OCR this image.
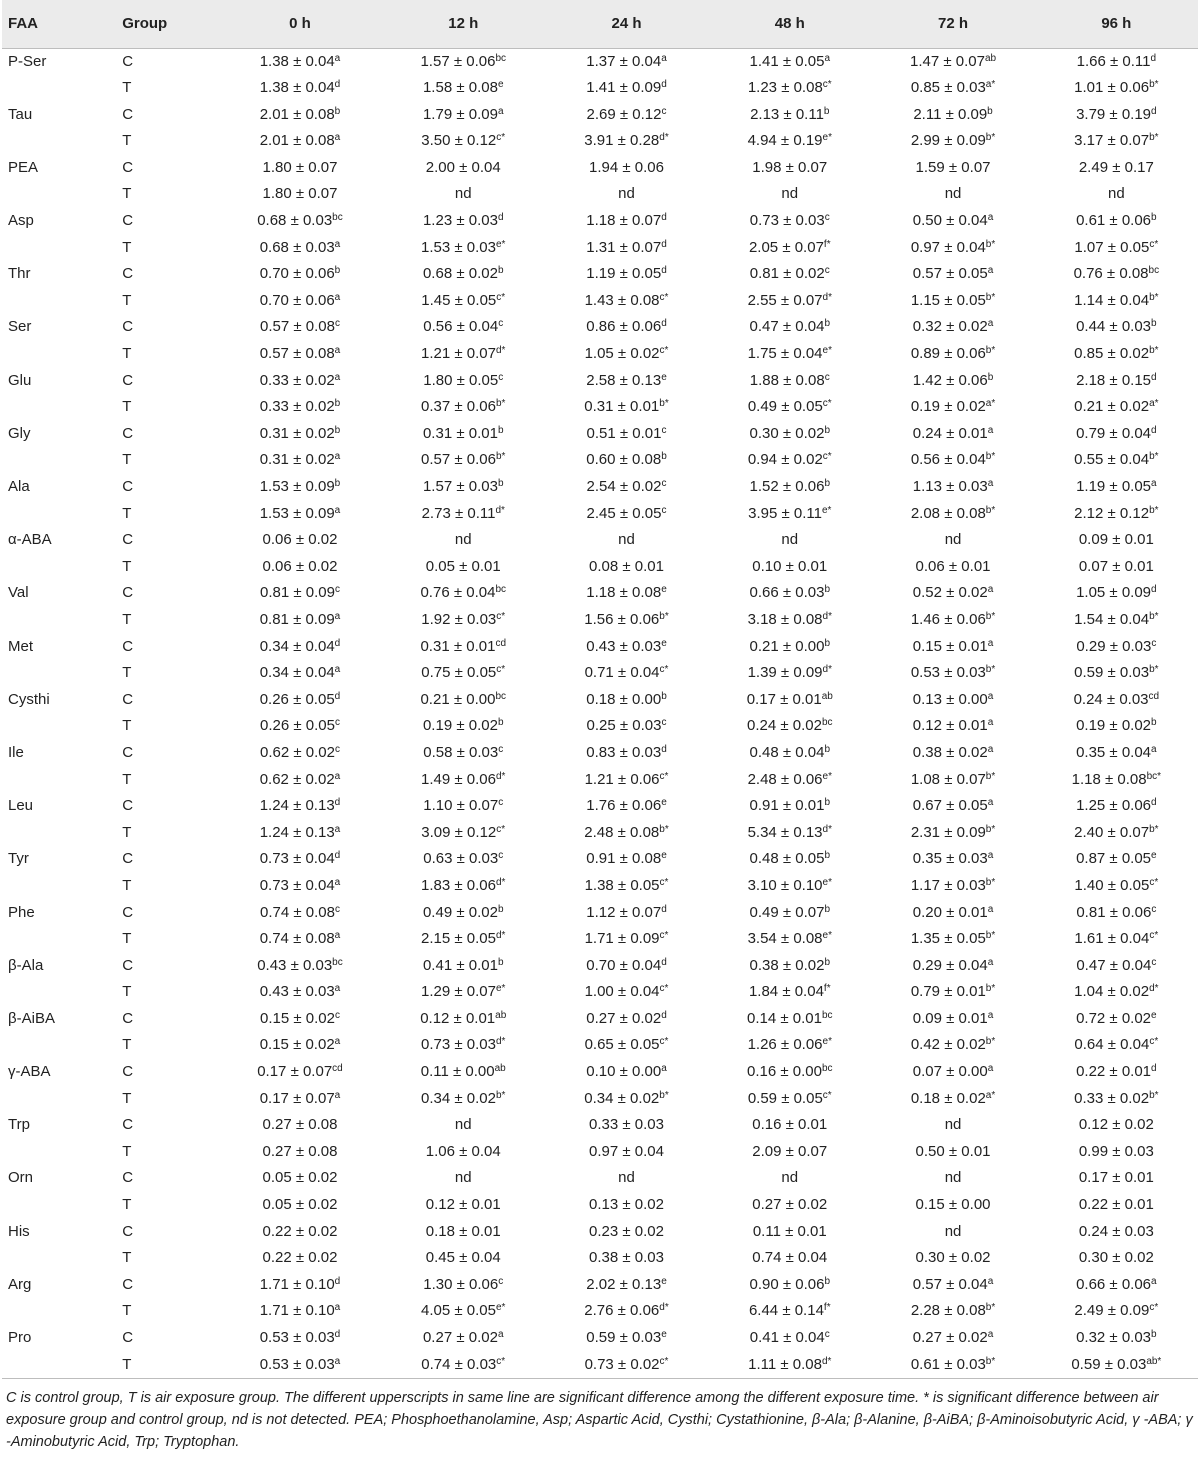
FAA	Group	0 h	12 h	24 h	48 h	72 h	96 h
P-Ser	C	1.38 ± 0.04$^a$	1.57 ± 0.06$^{bc}$	1.37 ± 0.04$^a$	1.41 ± 0.05$^a$	1.47 ± 0.07$^{ab}$	1.66 ± 0.11$^d$
	T	1.38 ± 0.04$^d$	1.58 ± 0.08$^e$	1.41 ± 0.09$^d$	$1.23 \pm 0.08^{c*}$	$0.85 \pm 0.03^{a*}$	$1.01 \pm 0.06^{b*}$
Tau	C	2.01 ± 0.08$^b$	1.79 ± 0.09$^a$	2.69 ± 0.12$^c$	2.13 ± 0.11$^b$	2.11 ± 0.09$^b$	3.79 ± 0.19$^d$
	T	2.01 ± 0.08$^a$	$3.50 \pm 0.12^{c*}$	$3.91 \pm 0.28^{d*}$	$4.94 \pm 0.19^{e*}$	$2.99 \pm 0.09^{b*}$	$3.17 \pm 0.07^{b*}$
PEA	C	1.80 ± 0.07	2.00 ± 0.04	1.94 ± 0.06	1.98 ± 0.07	1.59 ± 0.07	2.49 ± 0.17
	T	1.80 ± 0.07	nd	nd	nd	nd	nd
Asp	C	0.68 ± 0.03$^{bc}$	1.23 ± 0.03$^d$	1.18 ± 0.07$^d$	0.73 ± 0.03$^c$	0.50 ± 0.04$^a$	0.61 ± 0.06$^b$
	T	0.68 ± 0.03$^a$	$1.53 \pm 0.03^{e*}$	1.31 ± 0.07$^d$	$2.05 \pm 0.07^{f*}$	$0.97 \pm 0.04^{b*}$	$1.07 \pm 0.05^{c*}$
Thr	C	0.70 ± 0.06$^b$	0.68 ± 0.02$^b$	1.19 ± 0.05$^d$	0.81 ± 0.02$^c$	0.57 ± 0.05$^a$	0.76 ± 0.08$^{bc}$
	T	0.70 ± 0.06$^a$	$1.45 \pm 0.05^{c*}$	$1.43 \pm 0.08^{c*}$	$2.55 \pm 0.07^{d*}$	$1.15 \pm 0.05^{b*}$	$1.14 \pm 0.04^{b*}$
Ser	C	0.57 ± 0.08$^c$	0.56 ± 0.04$^c$	0.86 ± 0.06$^d$	0.47 ± 0.04$^b$	0.32 ± 0.02$^a$	0.44 ± 0.03$^b$
	T	0.57 ± 0.08$^a$	$1.21 \pm 0.07^{d*}$	$1.05 \pm 0.02^{c*}$	$1.75 \pm 0.04^{e*}$	$0.89 \pm 0.06^{b*}$	$0.85 \pm 0.02^{b*}$
Glu	C	0.33 ± 0.02$^a$	1.80 ± 0.05$^c$	2.58 ± 0.13$^e$	1.88 ± 0.08$^c$	1.42 ± 0.06$^b$	2.18 ± 0.15$^d$
	T	0.33 ± 0.02$^b$	$0.37 \pm 0.06^{b*}$	$0.31 \pm 0.01^{b*}$	$0.49 \pm 0.05^{c*}$	$0.19 \pm 0.02^{a*}$	$0.21 \pm 0.02^{a*}$
Gly	C	0.31 ± 0.02$^b$	0.31 ± 0.01$^b$	0.51 ± 0.01$^c$	0.30 ± 0.02$^b$	0.24 ± 0.01$^a$	0.79 ± 0.04$^d$
	T	0.31 ± 0.02$^a$	$0.57 \pm 0.06^{b*}$	0.60 ± 0.08$^b$	$0.94 \pm 0.02^{c*}$	$0.56 \pm 0.04^{b*}$	$0.55 \pm 0.04^{b*}$
Ala	C	1.53 ± 0.09$^b$	1.57 ± 0.03$^b$	2.54 ± 0.02$^c$	1.52 ± 0.06$^b$	1.13 ± 0.03$^a$	1.19 ± 0.05$^a$
	T	1.53 ± 0.09$^a$	$2.73 \pm 0.11^{d*}$	2.45 ± 0.05$^c$	$3.95 \pm 0.11^{e*}$	$2.08 \pm 0.08^{b*}$	$2.12 \pm 0.12^{b*}$
α-ABA	C	0.06 ± 0.02	nd	nd	nd	nd	0.09 ± 0.01
	T	0.06 ± 0.02	0.05 ± 0.01	0.08 ± 0.01	0.10 ± 0.01	0.06 ± 0.01	0.07 ± 0.01
Val	C	0.81 ± 0.09$^c$	0.76 ± 0.04$^{bc}$	1.18 ± 0.08$^e$	0.66 ± 0.03$^b$	0.52 ± 0.02$^a$	1.05 ± 0.09$^d$
	T	0.81 ± 0.09$^a$	$1.92 \pm 0.03^{c*}$	$1.56 \pm 0.06^{b*}$	$3.18 \pm 0.08^{d*}$	$1.46 \pm 0.06^{b*}$	$1.54 \pm 0.04^{b*}$
Met	C	0.34 ± 0.04$^d$	0.31 ± 0.01$^{cd}$	0.43 ± 0.03$^e$	0.21 ± 0.00$^b$	0.15 ± 0.01$^a$	0.29 ± 0.03$^c$
	T	0.34 ± 0.04$^a$	$0.75 \pm 0.05^{c*}$	$0.71 \pm 0.04^{c*}$	$1.39 \pm 0.09^{d*}$	$0.53 \pm 0.03^{b*}$	$0.59 \pm 0.03^{b*}$
Cysthi	C	0.26 ± 0.05$^d$	0.21 ± 0.00$^{bc}$	0.18 ± 0.00$^b$	0.17 ± 0.01$^{ab}$	0.13 ± 0.00$^a$	0.24 ± 0.03$^{cd}$
	T	0.26 ± 0.05$^c$	0.19 ± 0.02$^b$	0.25 ± 0.03$^c$	0.24 ± 0.02$^{bc}$	0.12 ± 0.01$^a$	0.19 ± 0.02$^b$
Ile	C	0.62 ± 0.02$^c$	0.58 ± 0.03$^c$	0.83 ± 0.03$^d$	0.48 ± 0.04$^b$	0.38 ± 0.02$^a$	0.35 ± 0.04$^a$
	T	0.62 ± 0.02$^a$	$1.49 \pm 0.06^{d*}$	$1.21 \pm 0.06^{c*}$	$2.48 \pm 0.06^{e*}$	$1.08 \pm 0.07^{b*}$	$1.18 \pm 0.08^{bc*}$
Leu	C	1.24 ± 0.13$^d$	1.10 ± 0.07$^c$	1.76 ± 0.06$^e$	0.91 ± 0.01$^b$	0.67 ± 0.05$^a$	1.25 ± 0.06$^d$
	T	1.24 ± 0.13$^a$	$3.09 \pm 0.12^{c*}$	$2.48 \pm 0.08^{b*}$	$5.34 \pm 0.13^{d*}$	$2.31 \pm 0.09^{b*}$	$2.40 \pm 0.07^{b*}$
Tyr	C	0.73 ± 0.04$^d$	0.63 ± 0.03$^c$	0.91 ± 0.08$^e$	0.48 ± 0.05$^b$	0.35 ± 0.03$^a$	0.87 ± 0.05$^e$
	T	0.73 ± 0.04$^a$	$1.83 \pm 0.06^{d*}$	$1.38 \pm 0.05^{c*}$	$3.10 \pm 0.10^{e*}$	$1.17 \pm 0.03^{b*}$	$1.40 \pm 0.05^{c*}$
Phe	C	0.74 ± 0.08$^c$	0.49 ± 0.02$^b$	1.12 ± 0.07$^d$	0.49 ± 0.07$^b$	0.20 ± 0.01$^a$	0.81 ± 0.06$^c$
	T	0.74 ± 0.08$^a$	$2.15 \pm 0.05^{d*}$	$1.71 \pm 0.09^{c*}$	$3.54 \pm 0.08^{e*}$	$1.35 \pm 0.05^{b*}$	$1.61 \pm 0.04^{c*}$
β-Ala	C	0.43 ± 0.03$^{bc}$	0.41 ± 0.01$^b$	0.70 ± 0.04$^d$	0.38 ± 0.02$^b$	0.29 ± 0.04$^a$	0.47 ± 0.04$^c$
	T	0.43 ± 0.03$^a$	$1.29 \pm 0.07^{e*}$	$1.00 \pm 0.04^{c*}$	$1.84 \pm 0.04^{f*}$	$0.79 \pm 0.01^{b*}$	$1.04 \pm 0.02^{d*}$
β-AiBA	C	0.15 ± 0.02$^c$	0.12 ± 0.01$^{ab}$	0.27 ± 0.02$^d$	0.14 ± 0.01$^{bc}$	0.09 ± 0.01$^a$	0.72 ± 0.02$^e$
	T	0.15 ± 0.02$^a$	$0.73 \pm 0.03^{d*}$	$0.65 \pm 0.05^{c*}$	$1.26 \pm 0.06^{e*}$	$0.42 \pm 0.02^{b*}$	$0.64 \pm 0.04^{c*}$
γ-ABA	C	0.17 ± 0.07$^{cd}$	0.11 ± 0.00$^{ab}$	0.10 ± 0.00$^a$	0.16 ± 0.00$^{bc}$	0.07 ± 0.00$^a$	0.22 ± 0.01$^d$
	T	0.17 ± 0.07$^a$	$0.34 \pm 0.02^{b*}$	$0.34 \pm 0.02^{b*}$	$0.59 \pm 0.05^{c*}$	$0.18 \pm 0.02^{a*}$	$0.33 \pm 0.02^{b*}$
Trp	C	0.27 ± 0.08	nd	0.33 ± 0.03	0.16 ± 0.01	nd	0.12 ± 0.02
	T	0.27 ± 0.08	1.06 ± 0.04	0.97 ± 0.04	2.09 ± 0.07	0.50 ± 0.01	0.99 ± 0.03
Orn	C	0.05 ± 0.02	nd	nd	nd	nd	0.17 ± 0.01
	T	0.05 ± 0.02	0.12 ± 0.01	0.13 ± 0.02	0.27 ± 0.02	0.15 ± 0.00	0.22 ± 0.01
His	C	0.22 ± 0.02	0.18 ± 0.01	0.23 ± 0.02	0.11 ± 0.01	nd	0.24 ± 0.03
	T	0.22 ± 0.02	0.45 ± 0.04	0.38 ± 0.03	0.74 ± 0.04	0.30 ± 0.02	0.30 ± 0.02
Arg	C	1.71 ± 0.10$^d$	1.30 ± 0.06$^c$	2.02 ± 0.13$^e$	0.90 ± 0.06$^b$	0.57 ± 0.04$^a$	0.66 ± 0.06$^a$
	T	1.71 ± 0.10$^a$	$4.05 \pm 0.05^{e*}$	$2.76 \pm 0.06^{d*}$	$6.44 \pm 0.14^{f*}$	$2.28 \pm 0.08^{b*}$	$2.49 \pm 0.09^{c*}$
Pro	C	0.53 ± 0.03$^d$	0.27 ± 0.02$^a$	0.59 ± 0.03$^e$	0.41 ± 0.04$^c$	0.27 ± 0.02$^a$	0.32 ± 0.03$^b$
	T	0.53 ± 0.03$^a$	$0.74 \pm 0.03^{c*}$	$0.73 \pm 0.02^{c*}$	$1.11 \pm 0.08^{d*}$	$0.61 \pm 0.03^{b*}$	$0.59 \pm 0.03^{ab*}$
C is control group, T is air exposure group. The different upperscripts in same line are significant difference among the different exposure time. * is significant difference between air exposure group and control group, nd is not detected. PEA; Phosphoethanolamine, Asp; Aspartic Acid, Cysthi; Cystathionine, β-Ala; β-Alanine, β-AiBA; β-Aminoisobutyric Acid, γ -ABA; γ -Aminobutyric Acid, Trp; Tryptophan.
